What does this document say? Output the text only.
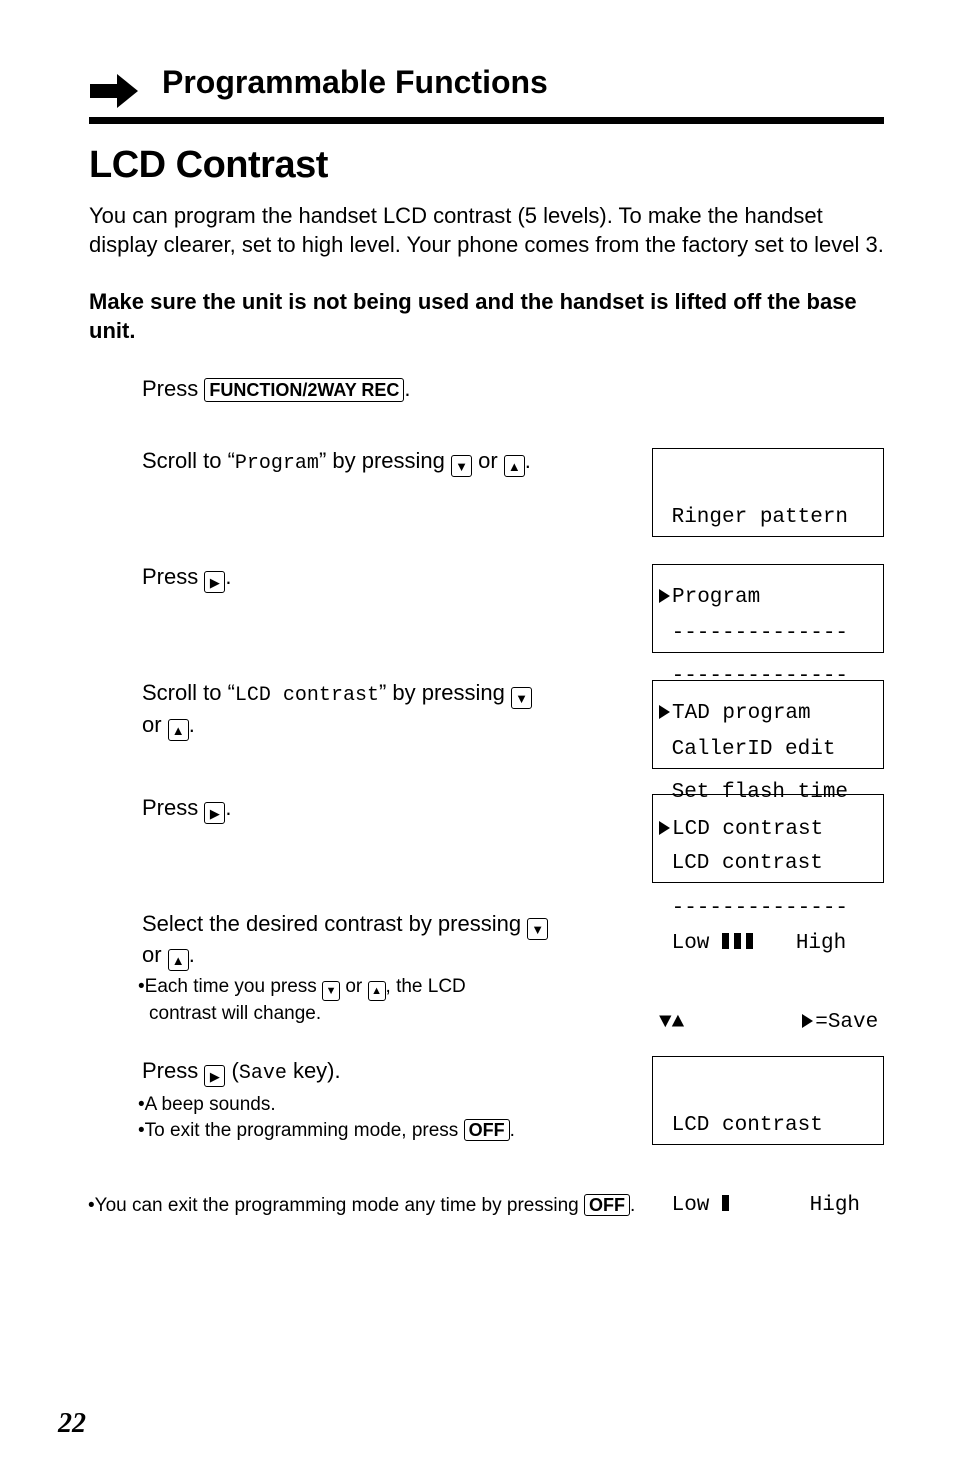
Programmable Functions
LCD Contrast
You can program the handset LCD contrast (5 levels). To make the handset display clearer, set to high level. Your phone comes from the factory set to level 3.
Make sure the unit is not being used and the handset is lifted off the base unit.
Press FUNCTION/2WAY REC .
Scroll to “Program” by pressing ▼ or ▲ .
Press ▶ .
Scroll to “LCD contrast” by pressing ▼
or ▲ .
Press ▶ .
Select the desired contrast by pressing ▼
or ▲ .
•Each time you press ▼ or ▲ , the LCD
contrast will change.
Press ▶ (Save key).
•A beep sounds.
•To exit the programming mode, press OFF .

Ringer pattern

Program

--------------

--------------

TAD program

Set flash time

CallerID edit

LCD contrast

--------------

LCD contrast

Low    High

▼▲	=Save

LCD contrast

Low       High

•You can exit the programming mode any time by pressing OFF .
22
